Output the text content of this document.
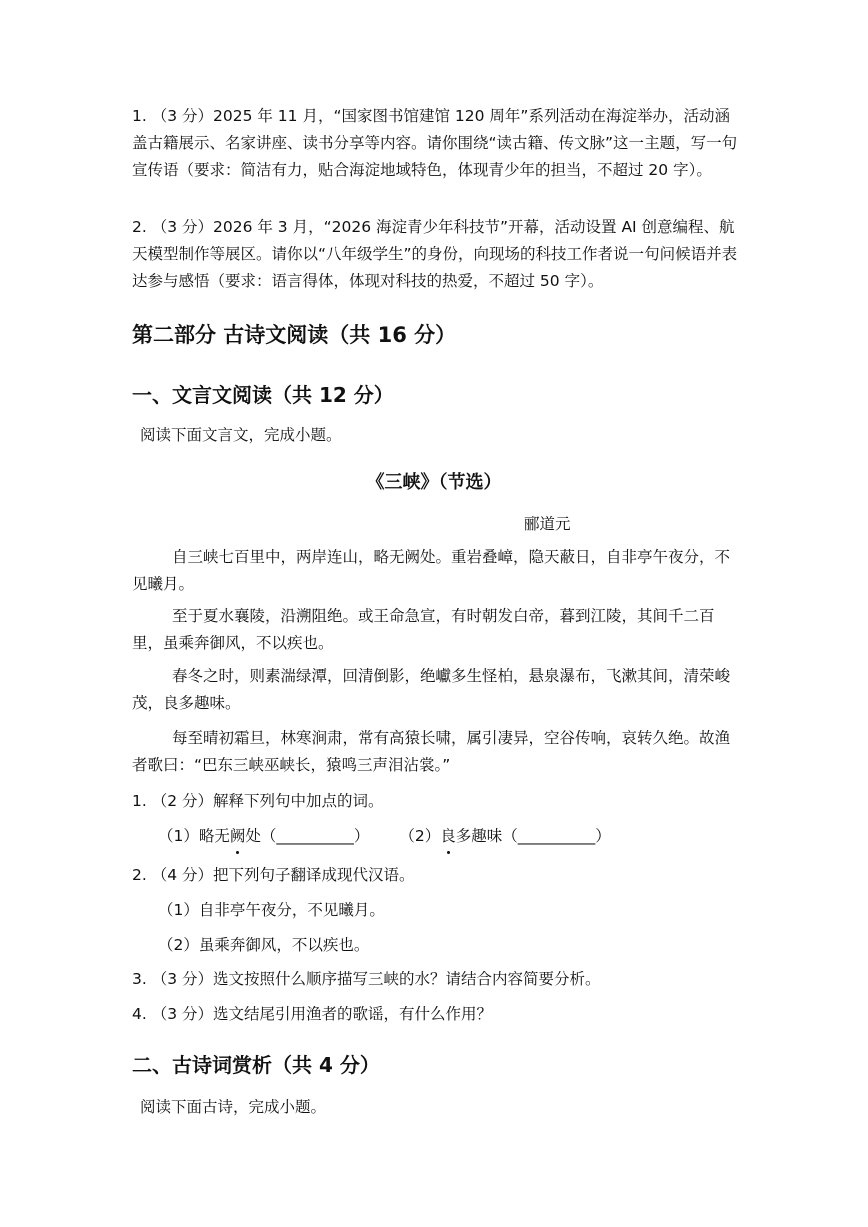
1. （3 分）2025 年 11 月，“国家图书馆建馆 120 周年”系列活动在海淀举办，活动涵盖古籍展示、名家讲座、读书分享等内容。请你围绕“读古籍、传文脉”这一主题，写一句宣传语（要求：简洁有力，贴合海淀地域特色，体现青少年的担当，不超过 20 字）。

2. （3 分）2026 年 3 月，“2026 海淀青少年科技节”开幕，活动设置 AI 创意编程、航天模型制作等展区。请你以“八年级学生”的身份，向现场的科技工作者说一句问候语并表达参与感悟（要求：语言得体，体现对科技的热爱，不超过 50 字）。

第二部分 古诗文阅读（共 16 分）
一、文言文阅读（共 12 分）

阅读下面文言文，完成小题。

《三峡》（节选）

郦道元

自三峡七百里中，两岸连山，略无阙处。重岩叠嶂，隐天蔽日，自非亭午夜分，不见曦月。

至于夏水襄陵，沿溯阻绝。或王命急宣，有时朝发白帝，暮到江陵，其间千二百里，虽乘奔御风，不以疾也。

春冬之时，则素湍绿潭，回清倒影，绝巘多生怪柏，悬泉瀑布，飞漱其间，清荣峻茂，良多趣味。

每至晴初霜旦，林寒涧肃，常有高猿长啸，属引凄异，空谷传响，哀转久绝。故渔者歌曰：“巴东三峡巫峡长，猿鸣三声泪沾裳。”

1. （2 分）解释下列句中加点的词。

（1）略无阙处（__________） （2）良多趣味（__________）

2. （4 分）把下列句子翻译成现代汉语。

（1）自非亭午夜分，不见曦月。

（2）虽乘奔御风，不以疾也。

3. （3 分）选文按照什么顺序描写三峡的水？请结合内容简要分析。

4. （3 分）选文结尾引用渔者的歌谣，有什么作用？

二、古诗词赏析（共 4 分）

阅读下面古诗，完成小题。
